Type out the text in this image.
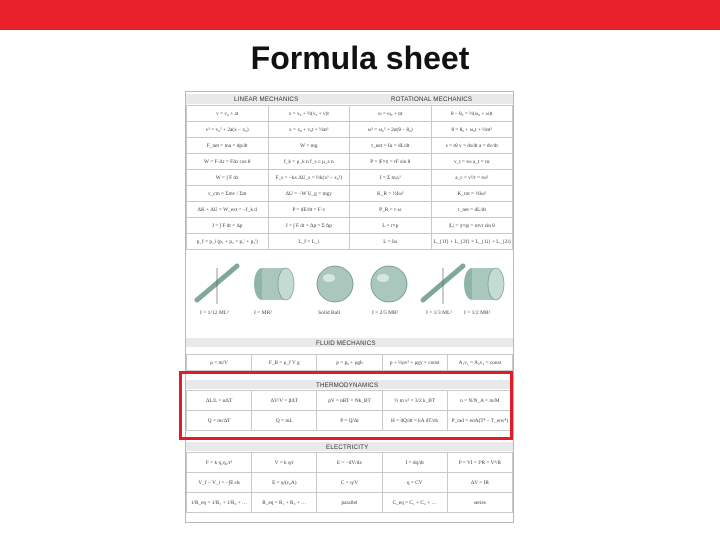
Formula sheet
LINEAR MECHANICS	ROTATIONAL MECHANICS
v = v₀ + at	x = x₀ + ½(v₀ + v)t	ω = ω₀ + αt	θ − θ₀ = ½(ω₀ + ω)t
v² = v₀² + 2a(x − x₀)	x = x₀ + v₀t + ½at²	ω² = ω₀² + 2α(θ − θ₀)	θ = θ₀ + ω₀t + ½αt²
F_net = ma = dp/dt	W = mg	τ_net = Iα = dL/dt	s = rθ v = ds/dt a = dv/dt
W = F·Δr = FΔr cos θ	f_k = μ_k n f_s ≤ μ_s n	P = |F×r| = rF sin θ	v_t = rω a_t = rα
W = ∫ F dx	F_s = −kx ΔU_s = ½k(x² − x₀²)	I = Σ mᵢrᵢ²	a_c = v²/r = rω²
v_cm = Σmv / Σm	ΔU = −W U_g = mgy	K_R = ½Iω²	K_rot = ½Iω²
ΔK + ΔU = W_ext = −f_k d	P = dE/dt = F·v	P_R = τ·ω	τ_net = dL/dt
J = ∫ F dt = Δp	J = ∫ F dt = Δp = Σ Δp	L = r×p	|L| = |r×p| = mvr sin θ
p_f = p_i (p₁ + p₂ = p₁' + p₂')	L_f = L_i	L = Iω	L_{1f} + L_{2f} = L_{1i} + L_{2i}
I = 1/12 ML²	I = MR²	Solid Ball	I = 2/5 MR²	I = 1/3 ML² I = 1/2 MR²
FLUID MECHANICS
ρ = m/V	F_B = ρ_f V g	p = p₀ + ρgh	p + ½ρv² + ρgy = const	A₁v₁ = A₂v₂ = const
THERMODYNAMICS
ΔL/L = αΔT	ΔV/V = βΔT	pV = nRT = Nk_BT	½ m v² = 3/2 k_BT	n = N/N_A = m/M
Q = mcΔT	Q = mL	P = Q/Δt	H = dQ/dt = kA dT/dx	P_rad = eσA(T⁴ − T_env⁴)
ELECTRICITY
F = k q₁q₂/r²	V = k q/r	E = −dV/dx	I = dq/dt	P = VI = I²R = V²/R
V_f − V_i = −∫E·ds	E = q/(ε₀A)	C = q/V	q = CV	ΔV = IR
1/R_eq = 1/R₁ + 1/R₂ + …	R_eq = R₁ + R₂ + …	parallel	C_eq = C₁ + C₂ + …	series
